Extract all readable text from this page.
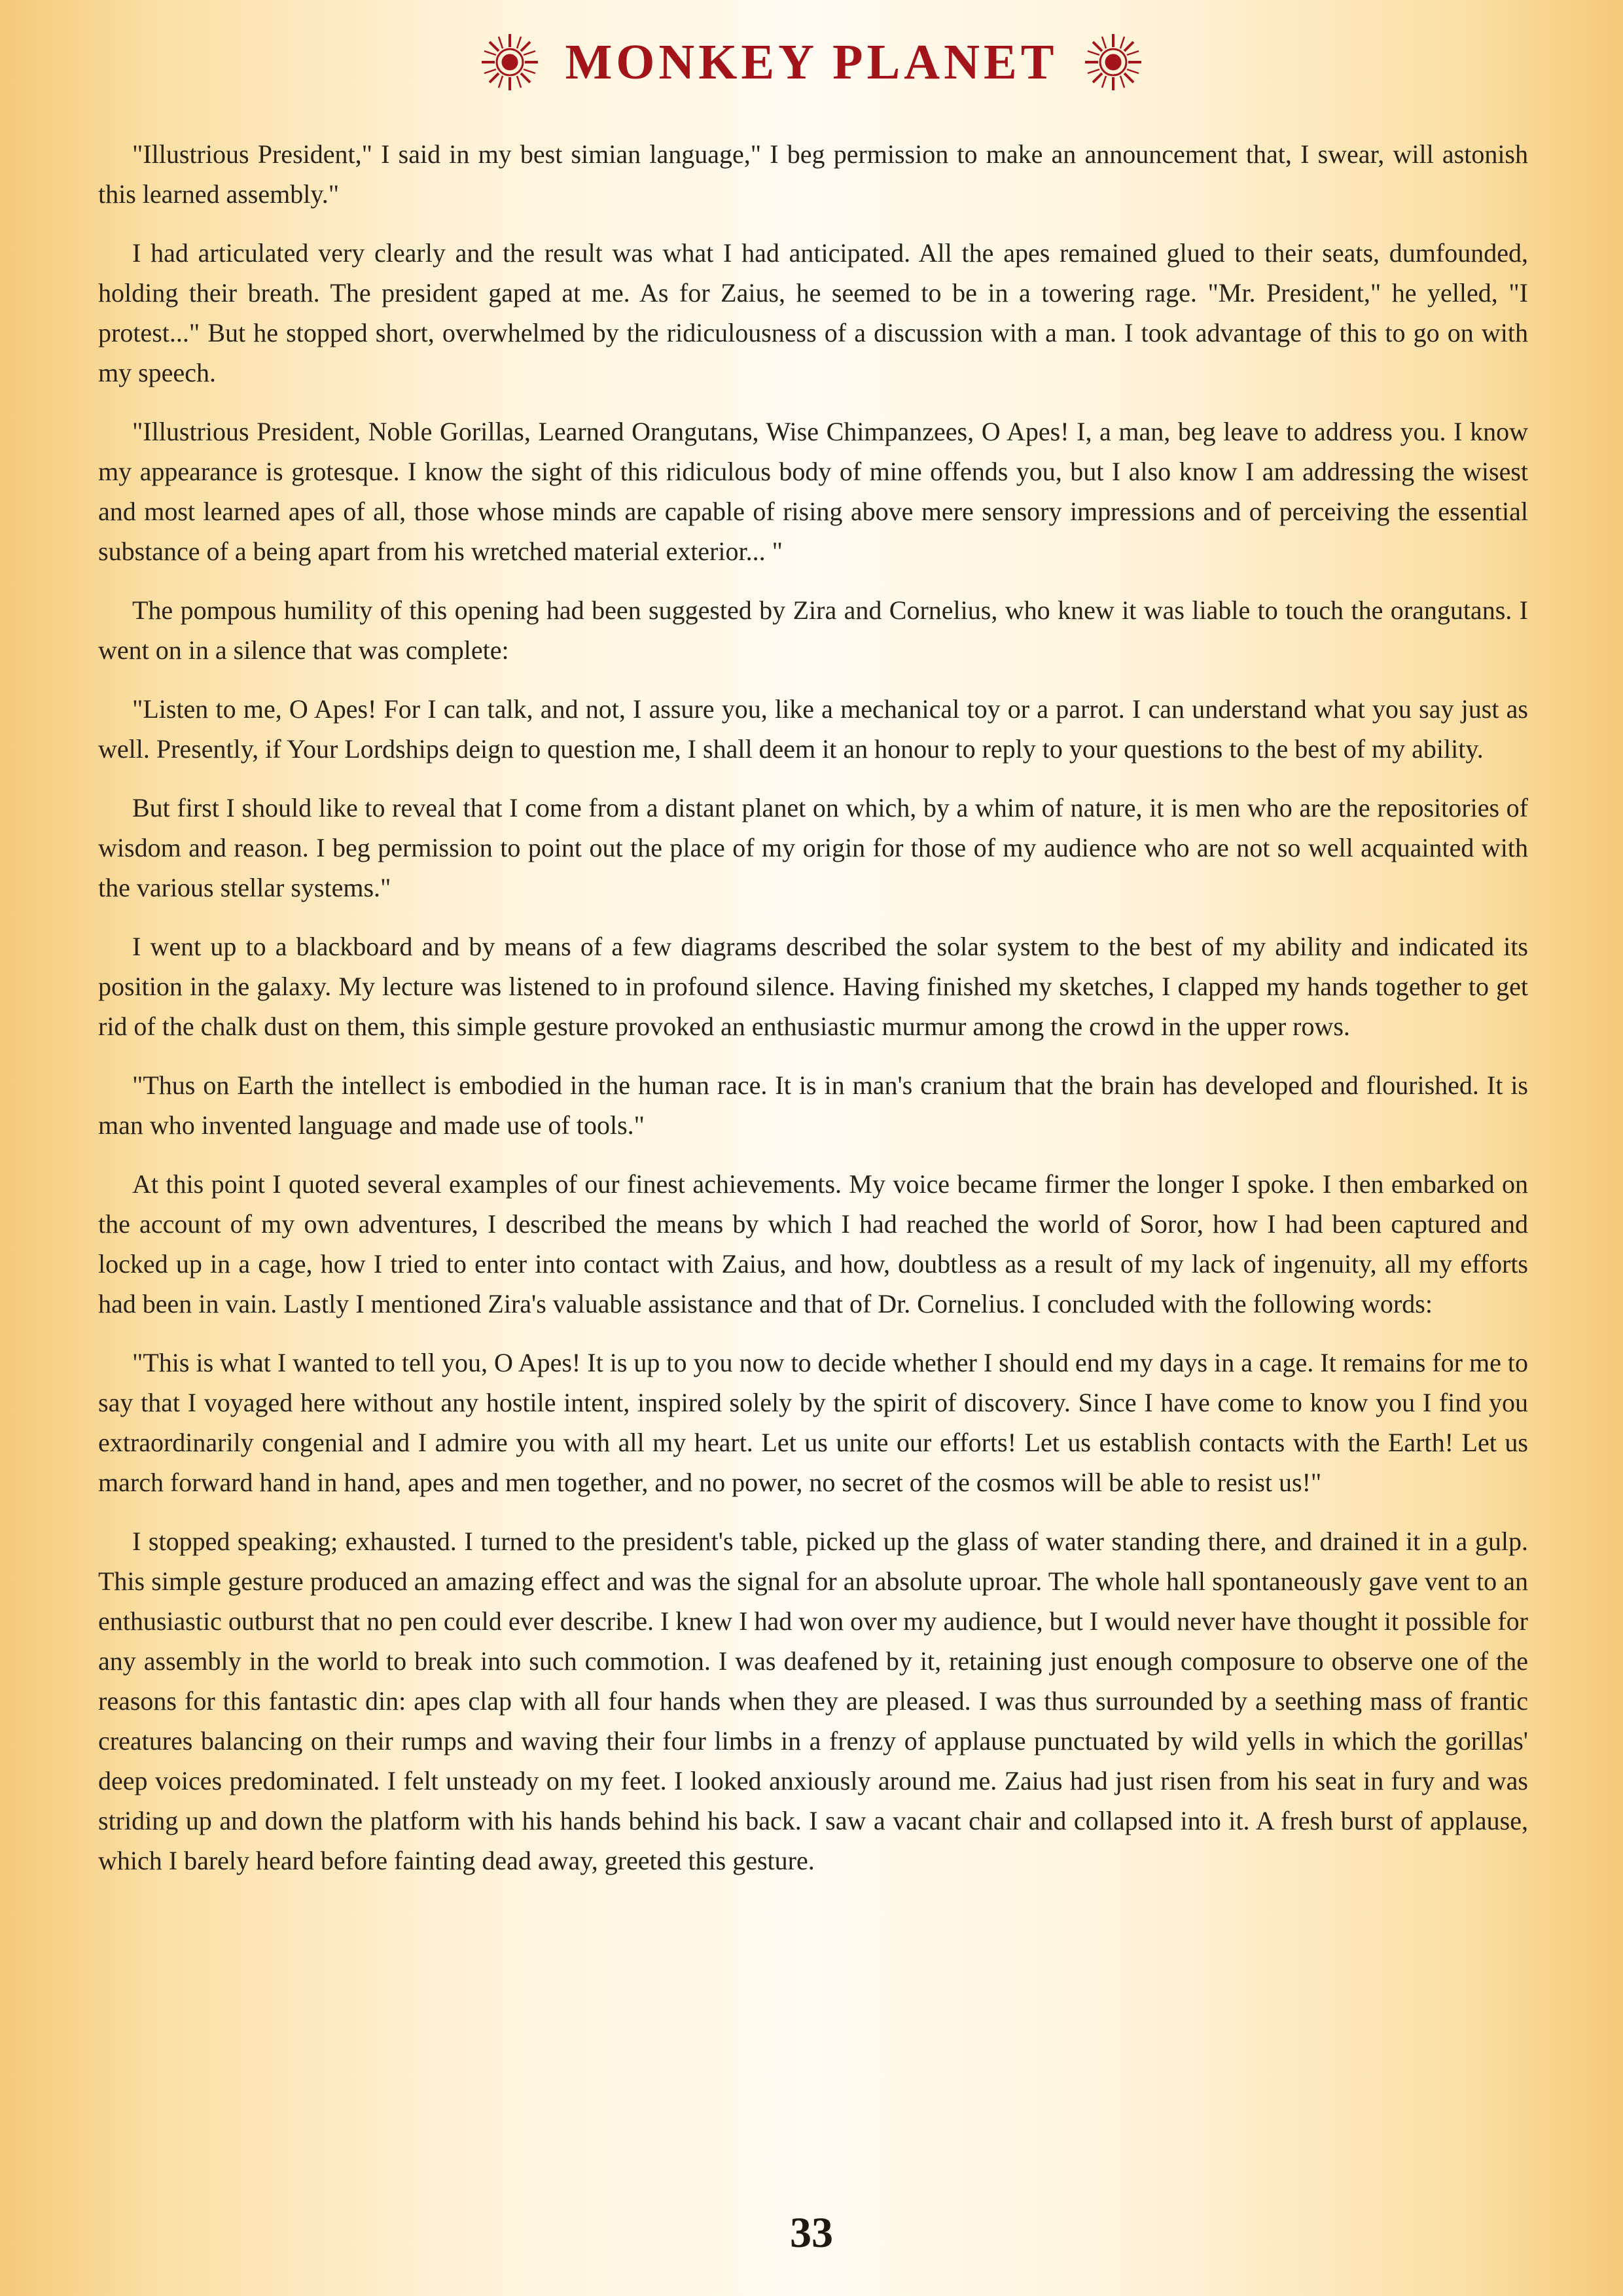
MONKEY PLANET

"Illustrious President," I said in my best simian language," I beg permission to make an announcement that, I swear, will astonish this learned assembly."

I had articulated very clearly and the result was what I had anticipated. All the apes remained glued to their seats, dumfounded, holding their breath. The president gaped at me. As for Zaius, he seemed to be in a towering rage. "Mr. President," he yelled, "I protest..." But he stopped short, overwhelmed by the ridiculousness of a discussion with a man. I took advantage of this to go on with my speech.

"Illustrious President, Noble Gorillas, Learned Orangutans, Wise Chimpanzees, O Apes! I, a man, beg leave to address you. I know my appearance is grotesque. I know the sight of this ridiculous body of mine offends you, but I also know I am addressing the wisest and most learned apes of all, those whose minds are capable of rising above mere sensory impressions and of perceiving the essential substance of a being apart from his wretched material exterior... "

The pompous humility of this opening had been suggested by Zira and Cornelius, who knew it was liable to touch the orangutans. I went on in a silence that was complete:

"Listen to me, O Apes! For I can talk, and not, I assure you, like a mechanical toy or a parrot. I can understand what you say just as well. Presently, if Your Lordships deign to question me, I shall deem it an honour to reply to your questions to the best of my ability.

But first I should like to reveal that I come from a distant planet on which, by a whim of nature, it is men who are the repositories of wisdom and reason. I beg permission to point out the place of my origin for those of my audience who are not so well acquainted with the various stellar systems."

I went up to a blackboard and by means of a few diagrams described the solar system to the best of my ability and indicated its position in the galaxy. My lecture was listened to in profound silence. Having finished my sketches, I clapped my hands together to get rid of the chalk dust on them, this simple gesture provoked an enthusiastic murmur among the crowd in the upper rows.

"Thus on Earth the intellect is embodied in the human race. It is in man's cranium that the brain has developed and flourished. It is man who invented language and made use of tools."

At this point I quoted several examples of our finest achievements. My voice became firmer the longer I spoke. I then embarked on the account of my own adventures, I described the means by which I had reached the world of Soror, how I had been captured and locked up in a cage, how I tried to enter into contact with Zaius, and how, doubtless as a result of my lack of ingenuity, all my efforts had been in vain. Lastly I mentioned Zira's valuable assistance and that of Dr. Cornelius. I concluded with the following words:

"This is what I wanted to tell you, O Apes! It is up to you now to decide whether I should end my days in a cage. It remains for me to say that I voyaged here without any hostile intent, inspired solely by the spirit of discovery. Since I have come to know you I find you extraordinarily congenial and I admire you with all my heart. Let us unite our efforts! Let us establish contacts with the Earth! Let us march forward hand in hand, apes and men together, and no power, no secret of the cosmos will be able to resist us!"

I stopped speaking; exhausted. I turned to the president's table, picked up the glass of water standing there, and drained it in a gulp. This simple gesture produced an amazing effect and was the signal for an absolute uproar. The whole hall spontaneously gave vent to an enthusiastic outburst that no pen could ever describe. I knew I had won over my audience, but I would never have thought it possible for any assembly in the world to break into such commotion. I was deafened by it, retaining just enough composure to observe one of the reasons for this fantastic din: apes clap with all four hands when they are pleased. I was thus surrounded by a seething mass of frantic creatures balancing on their rumps and waving their four limbs in a frenzy of applause punctuated by wild yells in which the gorillas' deep voices predominated. I felt unsteady on my feet. I looked anxiously around me. Zaius had just risen from his seat in fury and was striding up and down the platform with his hands behind his back. I saw a vacant chair and collapsed into it. A fresh burst of applause, which I barely heard before fainting dead away, greeted this gesture.

33
